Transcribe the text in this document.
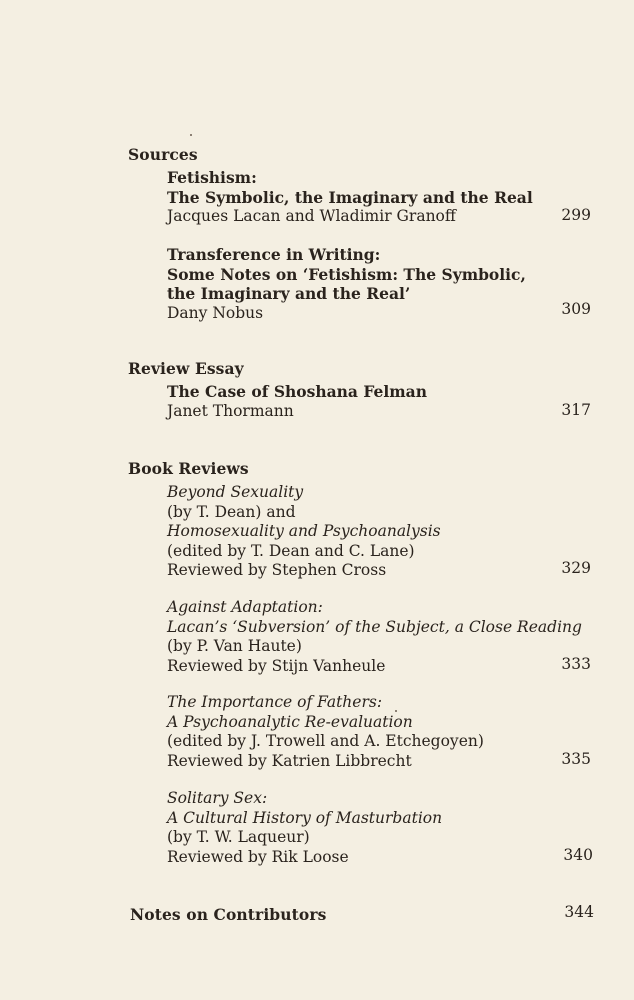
Sources
Fetishism:
The Symbolic, the Imaginary and the Real
Jacques Lacan and Wladimir Granoff	299
Transference in Writing:
Some Notes on ‘Fetishism: The Symbolic,
the Imaginary and the Real’
Dany Nobus	309
Review Essay
The Case of Shoshana Felman
Janet Thormann	317
Book Reviews
Beyond Sexuality
(by T. Dean) and
Homosexuality and Psychoanalysis
(edited by T. Dean and C. Lane)
Reviewed by Stephen Cross	329
Against Adaptation:
Lacan’s ‘Subversion’ of the Subject, a Close Reading
(by P. Van Haute)
Reviewed by Stijn Vanheule	333
The Importance of Fathers:
A Psychoanalytic Re-evaluation
(edited by J. Trowell and A. Etchegoyen)
Reviewed by Katrien Libbrecht	335
Solitary Sex:
A Cultural History of Masturbation
(by T. W. Laqueur)
Reviewed by Rik Loose	340
Notes on Contributors	344
